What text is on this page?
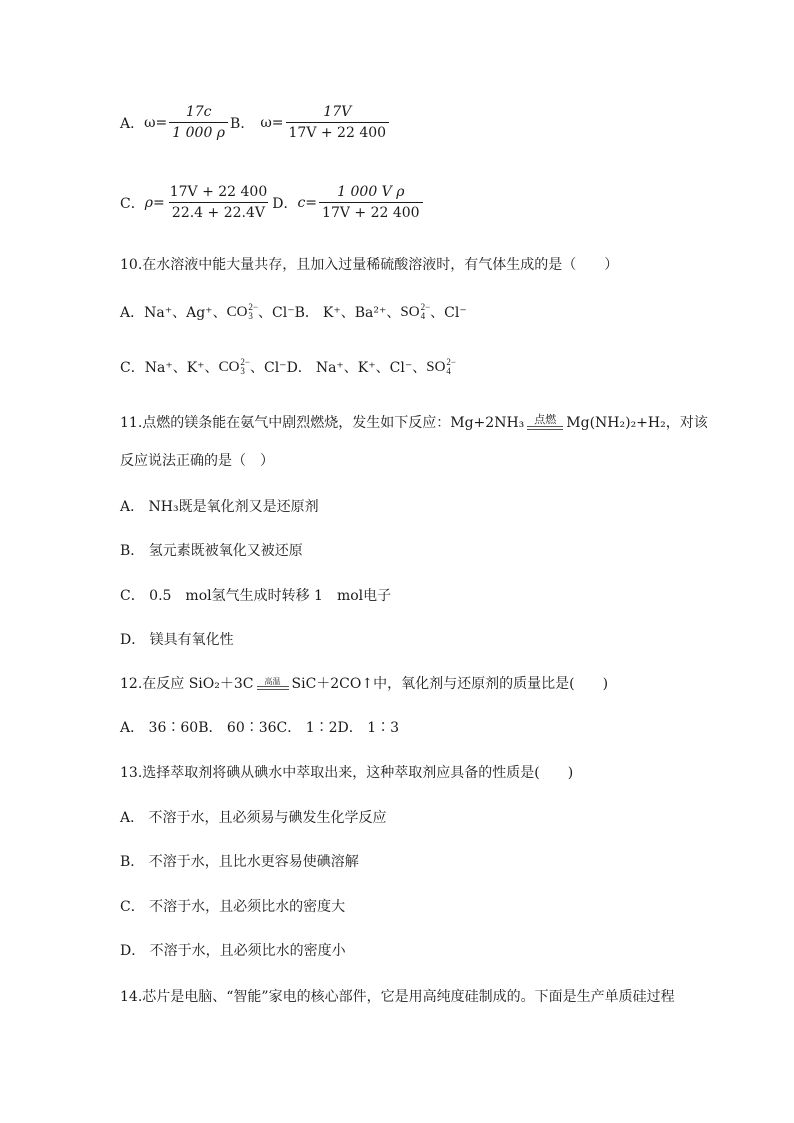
A． $\omega= \frac{17c}{1 000 \rho}$ B． $\omega= \frac{17V}{17V + 22 400}$
C． $\rho= \frac{17V + 22 400}{22.4 + 22.4V}$ D． $c= \frac{\text{1 000 V ρ}}{17V + 22 400}$
10.在水溶液中能大量共存，且加入过量稀硫酸溶液时，有气体生成的是（　　）
A． Na⁺、Ag⁺、 CO 2−
3 、Cl⁻ B． K⁺、Ba²⁺、 SO 2−
4 、Cl⁻
C． Na⁺、K⁺、 CO 2−
3 、Cl⁻ D． Na⁺、K⁺、Cl⁻、 SO 2−
4
11.点燃的镁条能在氨气中剧烈燃烧，发生如下反应：Mg+2NH₃ 点燃 Mg(NH₂)₂+H₂，对该
反应说法正确的是（　）
A． NH₃既是氧化剂又是还原剂
B． 氢元素既被氧化又被还原
C． 0.5　mol氢气生成时转移 1　mol电子
D． 镁具有氧化性
12.在反应 SiO₂＋3C 高温 SiC＋2CO↑中，氧化剂与还原剂的质量比是(　　)
A． 36∶60B． 60∶36C． 1∶2D． 1∶3
13.选择萃取剂将碘从碘水中萃取出来，这种萃取剂应具备的性质是(　　)
A． 不溶于水，且必须易与碘发生化学反应
B． 不溶于水，且比水更容易使碘溶解
C． 不溶于水，且必须比水的密度大
D． 不溶于水，且必须比水的密度小
14.芯片是电脑、“智能”家电的核心部件，它是用高纯度硅制成的。下面是生产单质硅过程
